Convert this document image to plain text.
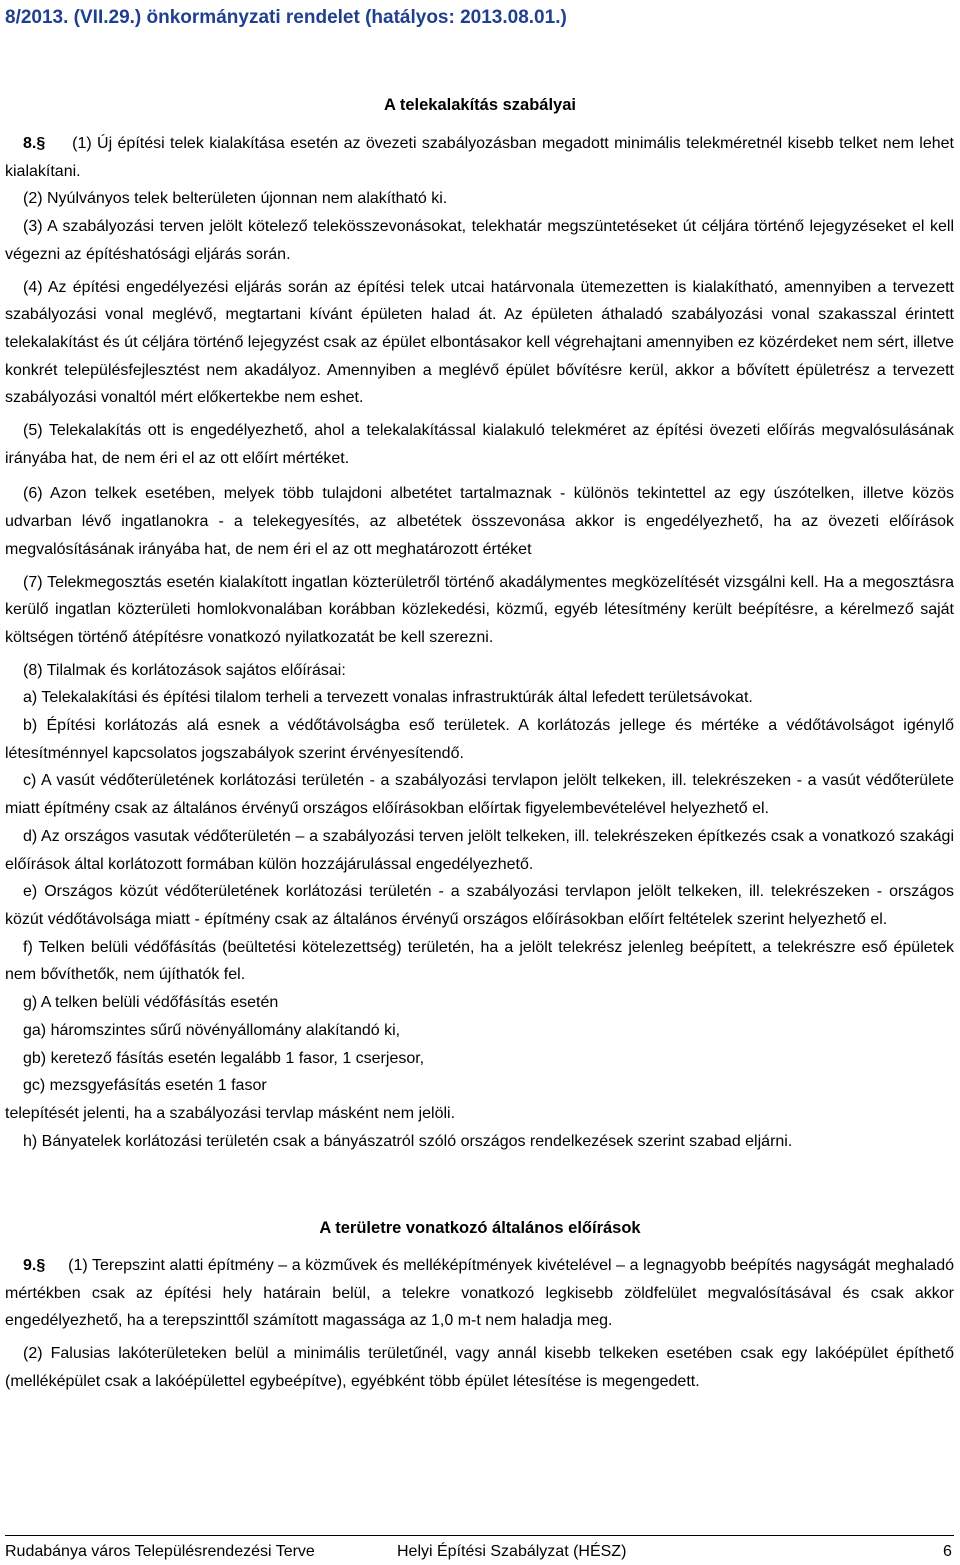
8/2013. (VII.29.) önkormányzati rendelet (hatályos: 2013.08.01.)
A telekalakítás szabályai

8.§ (1) Új építési telek kialakítása esetén az övezeti szabályozásban megadott minimális telekméretnél kisebb telket nem lehet kialakítani.

(2) Nyúlványos telek belterületen újonnan nem alakítható ki.

(3) A szabályozási terven jelölt kötelező telekösszevonásokat, telekhatár megszüntetéseket út céljára történő lejegyzéseket el kell végezni az építéshatósági eljárás során.

(4) Az építési engedélyezési eljárás során az építési telek utcai határvonala ütemezetten is kialakítható, amennyiben a tervezett szabályozási vonal meglévő, megtartani kívánt épületen halad át. Az épületen áthaladó szabályozási vonal szakasszal érintett telekalakítást és út céljára történő lejegyzést csak az épület elbontásakor kell végrehajtani amennyiben ez közérdeket nem sért, illetve konkrét településfejlesztést nem akadályoz. Amennyiben a meglévő épület bővítésre kerül, akkor a bővített épületrész a tervezett szabályozási vonaltól mért előkertekbe nem eshet.

(5) Telekalakítás ott is engedélyezhető, ahol a telekalakítással kialakuló telekméret az építési övezeti előírás megvalósulásának irányába hat, de nem éri el az ott előírt mértéket.

(6) Azon telkek esetében, melyek több tulajdoni albetétet tartalmaznak - különös tekintettel az egy úszótelken, illetve közös udvarban lévő ingatlanokra - a telekegyesítés, az albetétek összevonása akkor is engedélyezhető, ha az övezeti előírások megvalósításának irányába hat, de nem éri el az ott meghatározott értéket

(7) Telekmegosztás esetén kialakított ingatlan közterületről történő akadálymentes megközelítését vizsgálni kell. Ha a megosztásra kerülő ingatlan közterületi homlokvonalában korábban közlekedési, közmű, egyéb létesítmény került beépítésre, a kérelmező saját költségen történő átépítésre vonatkozó nyilatkozatát be kell szerezni.

(8) Tilalmak és korlátozások sajátos előírásai:

a) Telekalakítási és építési tilalom terheli a tervezett vonalas infrastruktúrák által lefedett területsávokat.

b) Építési korlátozás alá esnek a védőtávolságba eső területek. A korlátozás jellege és mértéke a védőtávolságot igénylő létesítménnyel kapcsolatos jogszabályok szerint érvényesítendő.

c) A vasút védőterületének korlátozási területén - a szabályozási tervlapon jelölt telkeken, ill. telekrészeken - a vasút védőterülete miatt építmény csak az általános érvényű országos előírásokban előírtak figyelembevételével helyezhető el.

d) Az országos vasutak védőterületén – a szabályozási terven jelölt telkeken, ill. telekrészeken építkezés csak a vonatkozó szakági előírások által korlátozott formában külön hozzájárulással engedélyezhető.

e) Országos közút védőterületének korlátozási területén - a szabályozási tervlapon jelölt telkeken, ill. telekrészeken - országos közút védőtávolsága miatt - építmény csak az általános érvényű országos előírásokban előírt feltételek szerint helyezhető el.

f) Telken belüli védőfásítás (beültetési kötelezettség) területén, ha a jelölt telekrész jelenleg beépített, a telekrészre eső épületek nem bővíthetők, nem újíthatók fel.

g) A telken belüli védőfásítás esetén

ga) háromszintes sűrű növényállomány alakítandó ki,

gb) keretező fásítás esetén legalább 1 fasor, 1 cserjesor,

gc) mezsgyefásítás esetén 1 fasor

telepítését jelenti, ha a szabályozási tervlap másként nem jelöli.

h) Bányatelek korlátozási területén csak a bányászatról szóló országos rendelkezések szerint szabad eljárni.

A területre vonatkozó általános előírások

9.§ (1) Terepszint alatti építmény – a közművek és melléképítmények kivételével – a legnagyobb beépítés nagyságát meghaladó mértékben csak az építési hely határain belül, a telekre vonatkozó legkisebb zöldfelület megvalósításával és csak akkor engedélyezhető, ha a terepszinttől számított magassága az 1,0 m-t nem haladja meg.

(2) Falusias lakóterületeken belül a minimális területűnél, vagy annál kisebb telkeken esetében csak egy lakóépület építhető (melléképület csak a lakóépülettel egybeépítve), egyébként több épület létesítése is megengedett.

Rudabánya város Településrendezési Terve	Helyi Építési Szabályzat (HÉSZ)	6
